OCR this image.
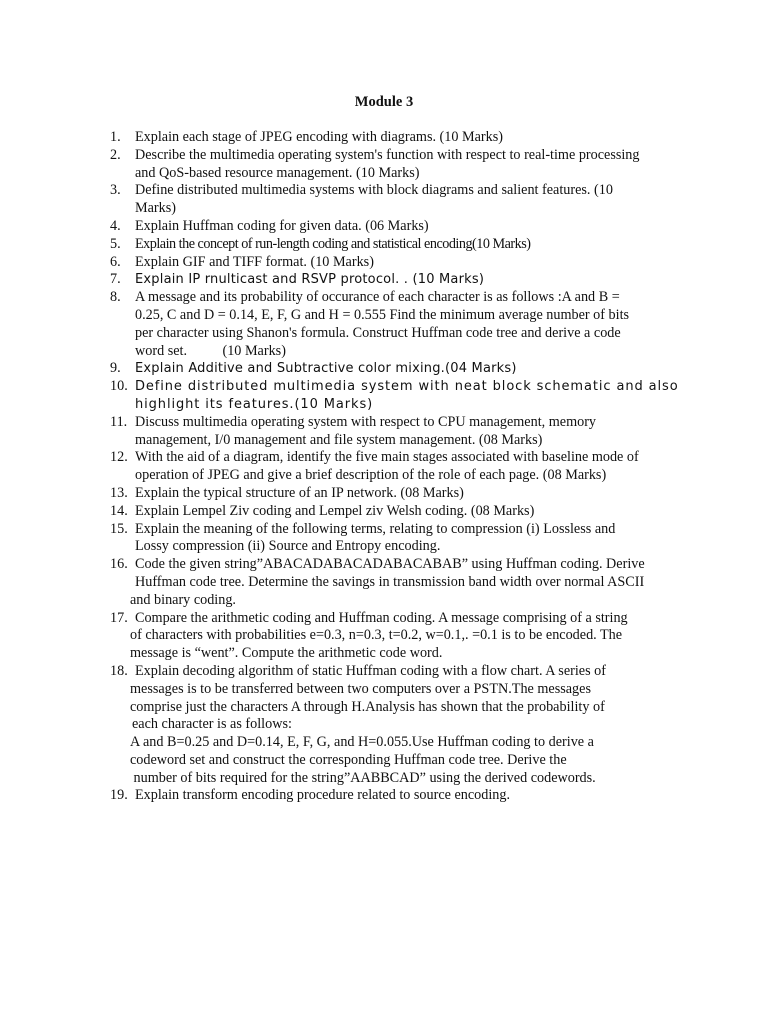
Module 3
1.	Explain each stage of JPEG encoding with diagrams. (10 Marks)
2.	Describe the multimedia operating system's function with respect to real-time processing
and QoS-based resource management. (10 Marks)
3.	Define distributed multimedia systems with block diagrams and salient features. (10
Marks)
4.	Explain Huffman coding for given data. (06 Marks)
5.	Explain the concept of run-length coding and statistical encoding(10 Marks)
6.	Explain GIF and TIFF format. (10 Marks)
7.	Explain IP rnulticast and RSVP protocol. . (10 Marks)
8.	A message and its probability of occurance of each character is as follows :A and B =
0.25, C and D = 0.14, E, F, G and H = 0.555 Find the minimum average number of bits
per character using Shanon's formula. Construct Huffman code tree and derive a code
word set.          (10 Marks)
9.	Explain Additive and Subtractive color mixing.(04 Marks)
10. Define distributed multimedia system with neat block schematic and also
highlight its features.(10 Marks)
11. Discuss multimedia operating system with respect to CPU management, memory
management, I/0 management and file system management. (08 Marks)
12. With the aid of a diagram, identify the five main stages associated with baseline mode of
operation of JPEG and give a brief description of the role of each page. (08 Marks)
13. Explain the typical structure of an IP network. (08 Marks)
14. Explain Lempel Ziv coding and Lempel ziv Welsh coding. (08 Marks)
15. Explain the meaning of the following terms, relating to compression (i) Lossless and
Lossy compression (ii) Source and Entropy encoding.
16. Code the given string”ABACADABACADABACABAB” using Huffman coding. Derive
Huffman code tree. Determine the savings in transmission band width over normal ASCII
and binary coding.
17. Compare the arithmetic coding and Huffman coding. A message comprising of a string
of characters with probabilities e=0.3, n=0.3, t=0.2, w=0.1,. =0.1 is to be encoded. The
message is “went”. Compute the arithmetic code word.
18. Explain decoding algorithm of static Huffman coding with a flow chart. A series of
messages is to be transferred between two computers over a PSTN.The messages
comprise just the characters A through H.Analysis has shown that the probability of
each character is as follows:
A and B=0.25 and D=0.14, E, F, G, and H=0.055.Use Huffman coding to derive a
codeword set and construct the corresponding Huffman code tree. Derive the
number of bits required for the string”AABBCAD” using the derived codewords.
19. Explain transform encoding procedure related to source encoding.
